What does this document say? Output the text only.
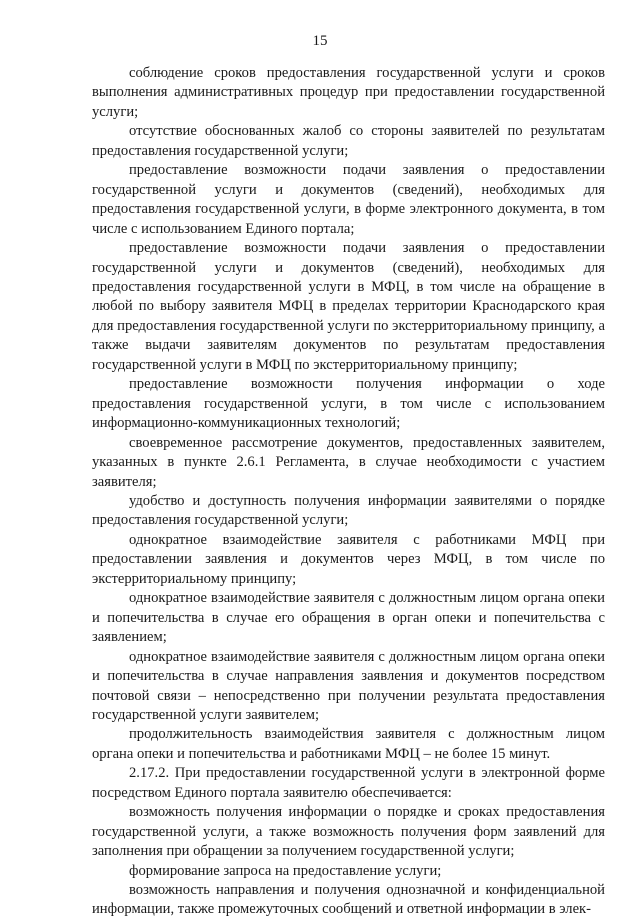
15

соблюдение сроков предоставления государственной услуги и сроков выполнения административных процедур при предоставлении государственной услуги;

отсутствие обоснованных жалоб со стороны заявителей по результатам предоставления государственной услуги;

предоставление возможности подачи заявления о предоставлении государственной услуги и документов (сведений), необходимых для предоставления государственной услуги, в форме электронного документа, в том числе с использованием Единого портала;

предоставление возможности подачи заявления о предоставлении государственной услуги и документов (сведений), необходимых для предоставления государственной услуги в МФЦ, в том числе на обращение в любой по выбору заявителя МФЦ в пределах территории Краснодарского края для предоставления государственной услуги по экстерриториальному принципу, а также выдачи заявителям документов по результатам предоставления государственной услуги в МФЦ по экстерриториальному принципу;

предоставление возможности получения информации о ходе предоставления государственной услуги, в том числе с использованием информационно-коммуникационных технологий;

своевременное рассмотрение документов, предоставленных заявителем, указанных в пункте 2.6.1 Регламента, в случае необходимости с участием заявителя;

удобство и доступность получения информации заявителями о порядке предоставления государственной услуги;

однократное взаимодействие заявителя с работниками МФЦ при предоставлении заявления и документов через МФЦ, в том числе по экстерриториальному принципу;

однократное взаимодействие заявителя с должностным лицом органа опеки и попечительства в случае его обращения в орган опеки и попечительства с заявлением;

однократное взаимодействие заявителя с должностным лицом органа опеки и попечительства в случае направления заявления и документов посредством почтовой связи – непосредственно при получении результата предоставления государственной услуги заявителем;

продолжительность взаимодействия заявителя с должностным лицом органа опеки и попечительства и работниками МФЦ – не более 15 минут.

2.17.2. При предоставлении государственной услуги в электронной форме посредством Единого портала заявителю обеспечивается:

возможность получения информации о порядке и сроках предоставления государственной услуги, а также возможность получения форм заявлений для заполнения при обращении за получением государственной услуги;

формирование запроса на предоставление услуги;

возможность направления и получения однозначной и конфиденциальной информации, также промежуточных сообщений и ответной информации в элек-
